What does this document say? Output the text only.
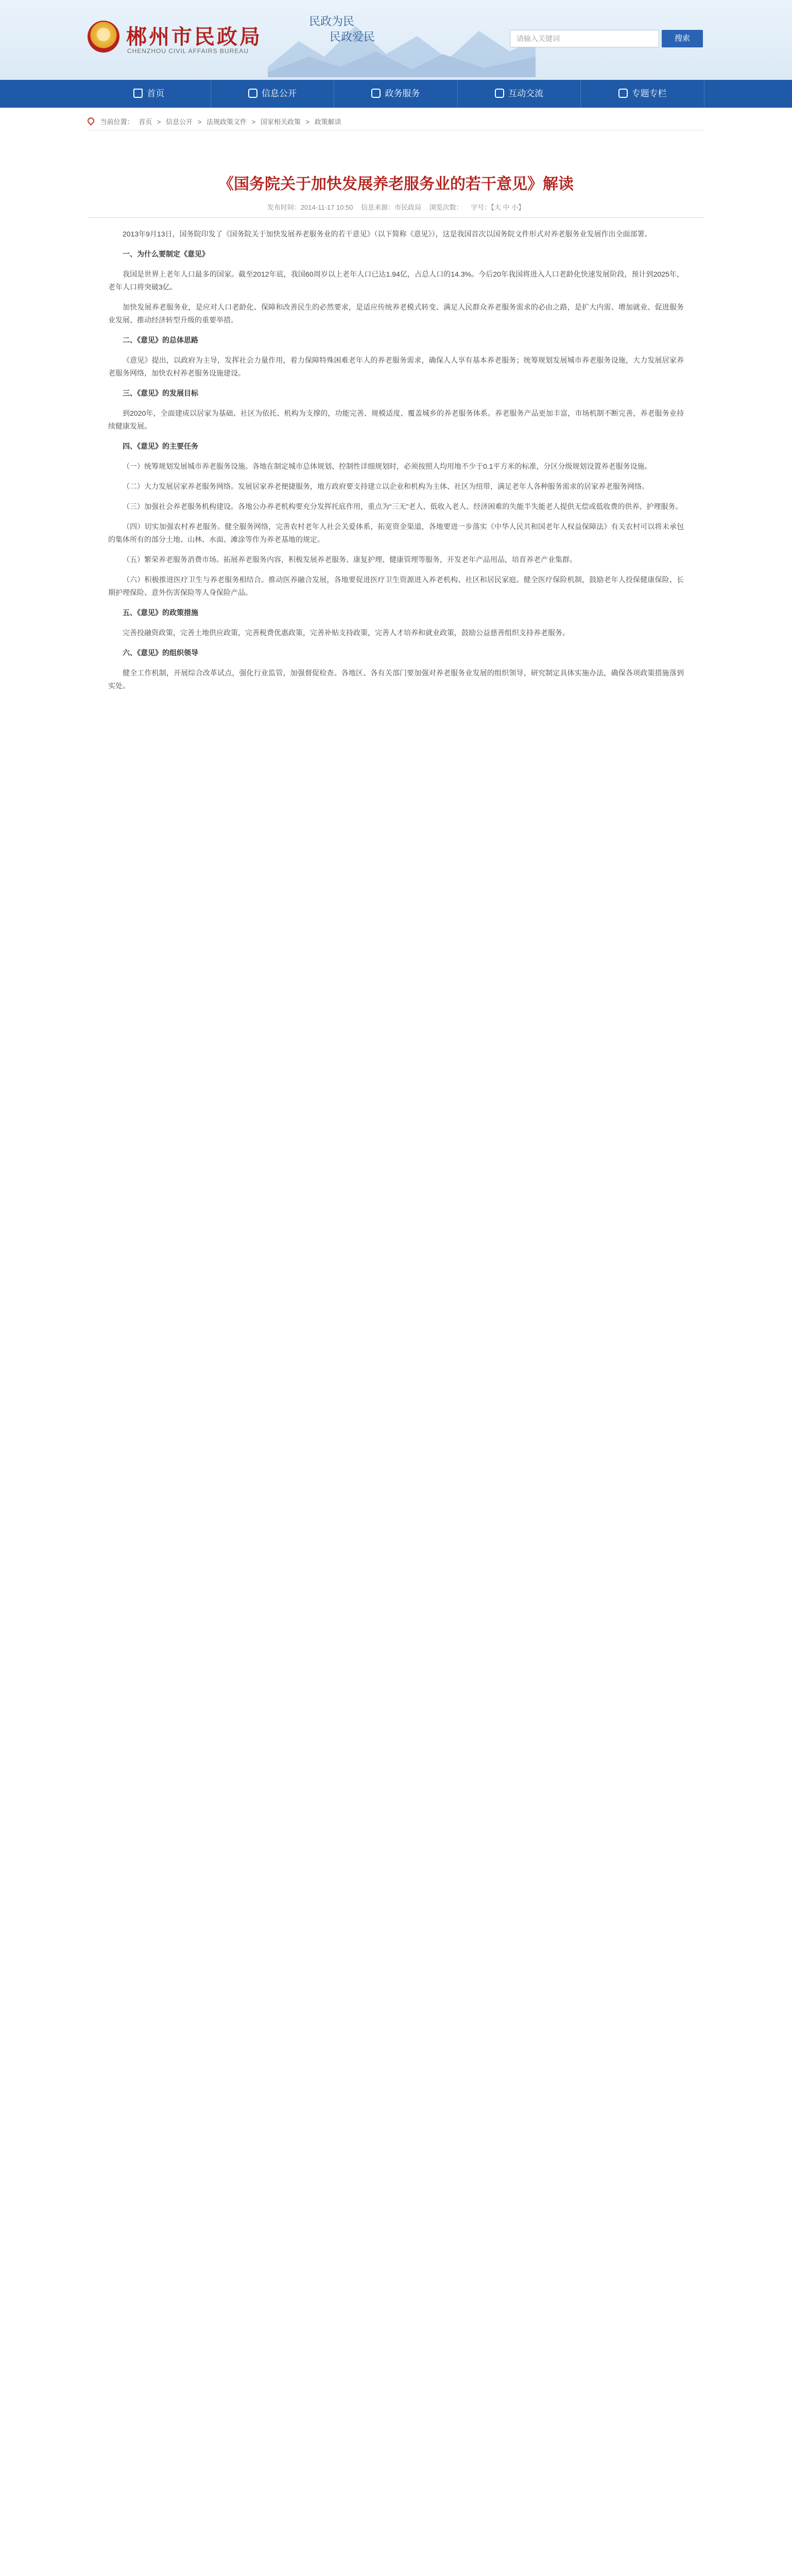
郴州市民政局
CHENZHOU CIVIL AFFAIRS BUREAU
民政为民
民政爱民	请输入关键词	搜索
首页	信息公开	政务服务	互动交流	专题专栏
当前位置： 首页 > 信息公开 > 法规政策文件 > 国家相关政策 > 政策解读
《国务院关于加快发展养老服务业的若干意见》解读
发布时间：2014-11-17 10:50 信息来源：市民政局 浏览次数： 字号：【大 中 小】

2013年9月13日，国务院印发了《国务院关于加快发展养老服务业的若干意见》（以下简称《意见》），这是我国首次以国务院文件形式对养老服务业发展作出全面部署。

一、为什么要制定《意见》

我国是世界上老年人口最多的国家。截至2012年底，我国60周岁以上老年人口已达1.94亿，占总人口的14.3%。今后20年我国将进入人口老龄化快速发展阶段，预计到2025年，老年人口将突破3亿。

加快发展养老服务业，是应对人口老龄化、保障和改善民生的必然要求，是适应传统养老模式转变、满足人民群众养老服务需求的必由之路，是扩大内需、增加就业、促进服务业发展、推动经济转型升级的重要举措。

二、《意见》的总体思路

《意见》提出，以政府为主导，发挥社会力量作用，着力保障特殊困难老年人的养老服务需求，确保人人享有基本养老服务；统筹规划发展城市养老服务设施，大力发展居家养老服务网络，加快农村养老服务设施建设。

三、《意见》的发展目标

到2020年，全面建成以居家为基础、社区为依托、机构为支撑的，功能完善、规模适度、覆盖城乡的养老服务体系。养老服务产品更加丰富，市场机制不断完善，养老服务业持续健康发展。

四、《意见》的主要任务

（一）统筹规划发展城市养老服务设施。各地在制定城市总体规划、控制性详细规划时，必须按照人均用地不少于0.1平方米的标准，分区分级规划设置养老服务设施。

（二）大力发展居家养老服务网络。发展居家养老便捷服务，地方政府要支持建立以企业和机构为主体、社区为纽带，满足老年人各种服务需求的居家养老服务网络。

（三）加强社会养老服务机构建设。各地公办养老机构要充分发挥托底作用，重点为“三无”老人、低收入老人、经济困难的失能半失能老人提供无偿或低收费的供养、护理服务。

（四）切实加强农村养老服务。健全服务网络，完善农村老年人社会关爱体系，拓宽资金渠道，各地要进一步落实《中华人民共和国老年人权益保障法》有关农村可以将未承包的集体所有的部分土地、山林、水面、滩涂等作为养老基地的规定。

（五）繁荣养老服务消费市场。拓展养老服务内容，积极发展养老服务、康复护理、健康管理等服务，开发老年产品用品，培育养老产业集群。

（六）积极推进医疗卫生与养老服务相结合。推动医养融合发展，各地要促进医疗卫生资源进入养老机构、社区和居民家庭。健全医疗保险机制，鼓励老年人投保健康保险、长期护理保险、意外伤害保险等人身保险产品。

五、《意见》的政策措施

完善投融资政策，完善土地供应政策，完善税费优惠政策，完善补贴支持政策，完善人才培养和就业政策，鼓励公益慈善组织支持养老服务。

六、《意见》的组织领导

健全工作机制，开展综合改革试点，强化行业监管，加强督促检查。各地区、各有关部门要加强对养老服务业发展的组织领导，研究制定具体实施办法，确保各项政策措施落到实处。
